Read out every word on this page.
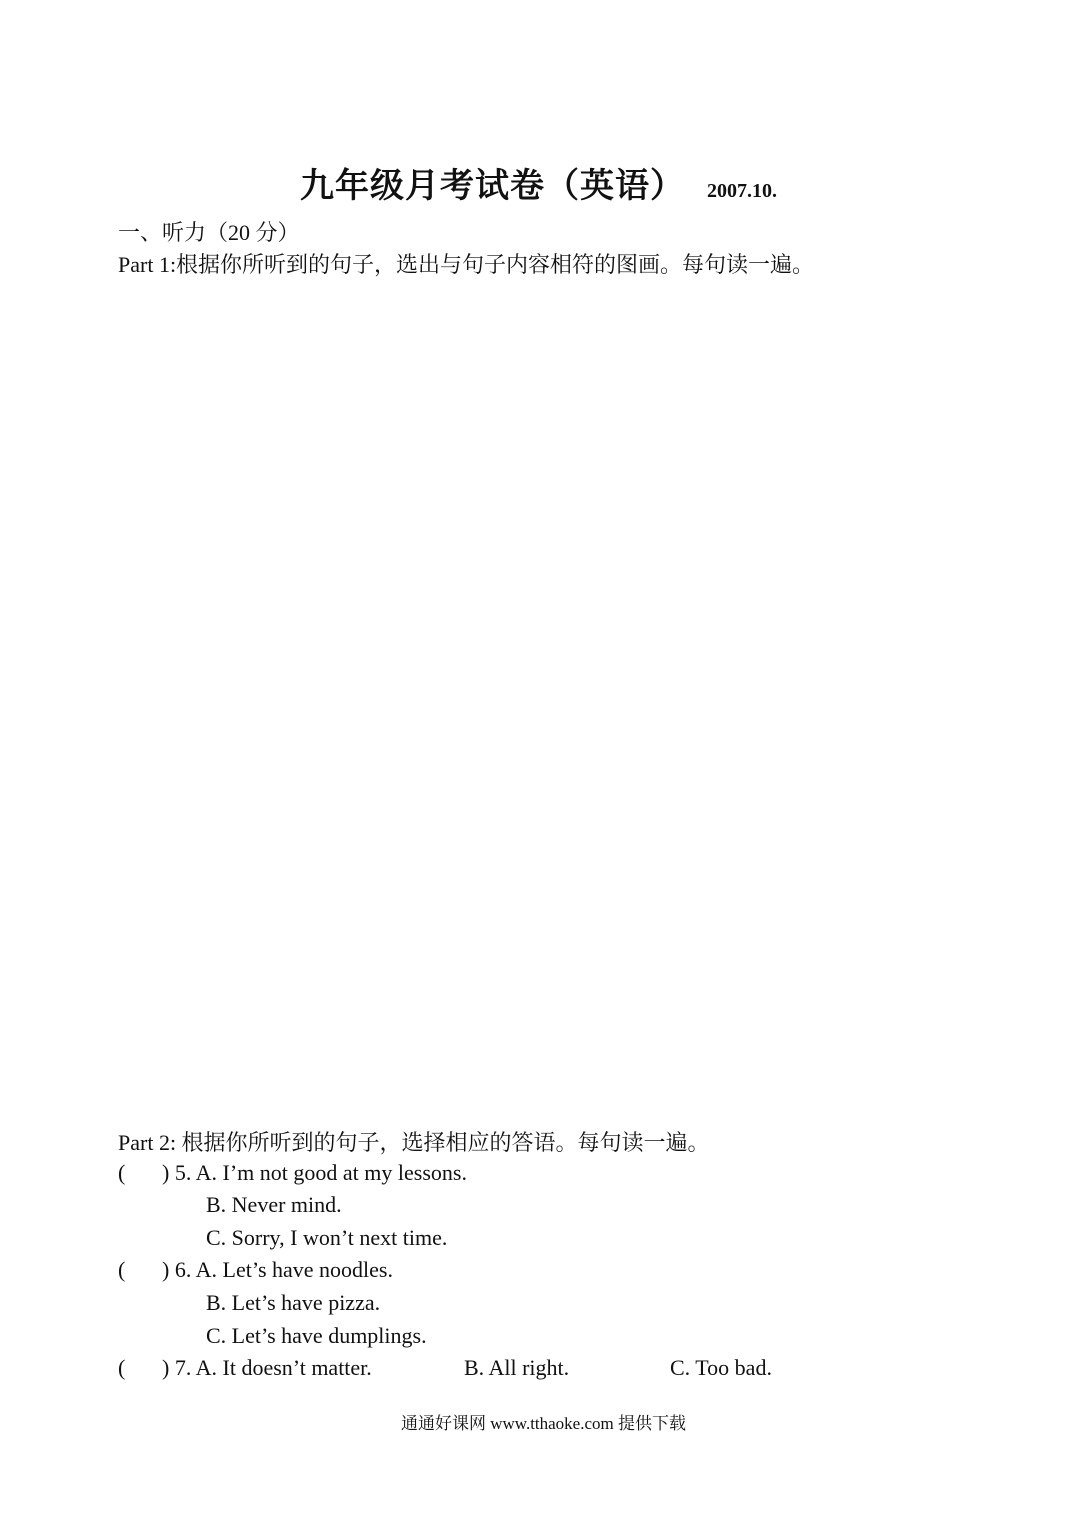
九年级月考试卷（英语） 2007.10.
一、听力（20 分）
Part 1:根据你所听到的句子，选出与句子内容相符的图画。每句读一遍。
Part 2: 根据你所听到的句子，选择相应的答语。每句读一遍。
( ) 5. A. I’m not good at my lessons.
B. Never mind.
C. Sorry, I won’t next time.
( ) 6. A. Let’s have noodles.
B. Let’s have pizza.
C. Let’s have dumplings.
( ) 7. A. It doesn’t matter.	B. All right.	C. Too bad.
通通好课网 www.tthaoke.com 提供下载
